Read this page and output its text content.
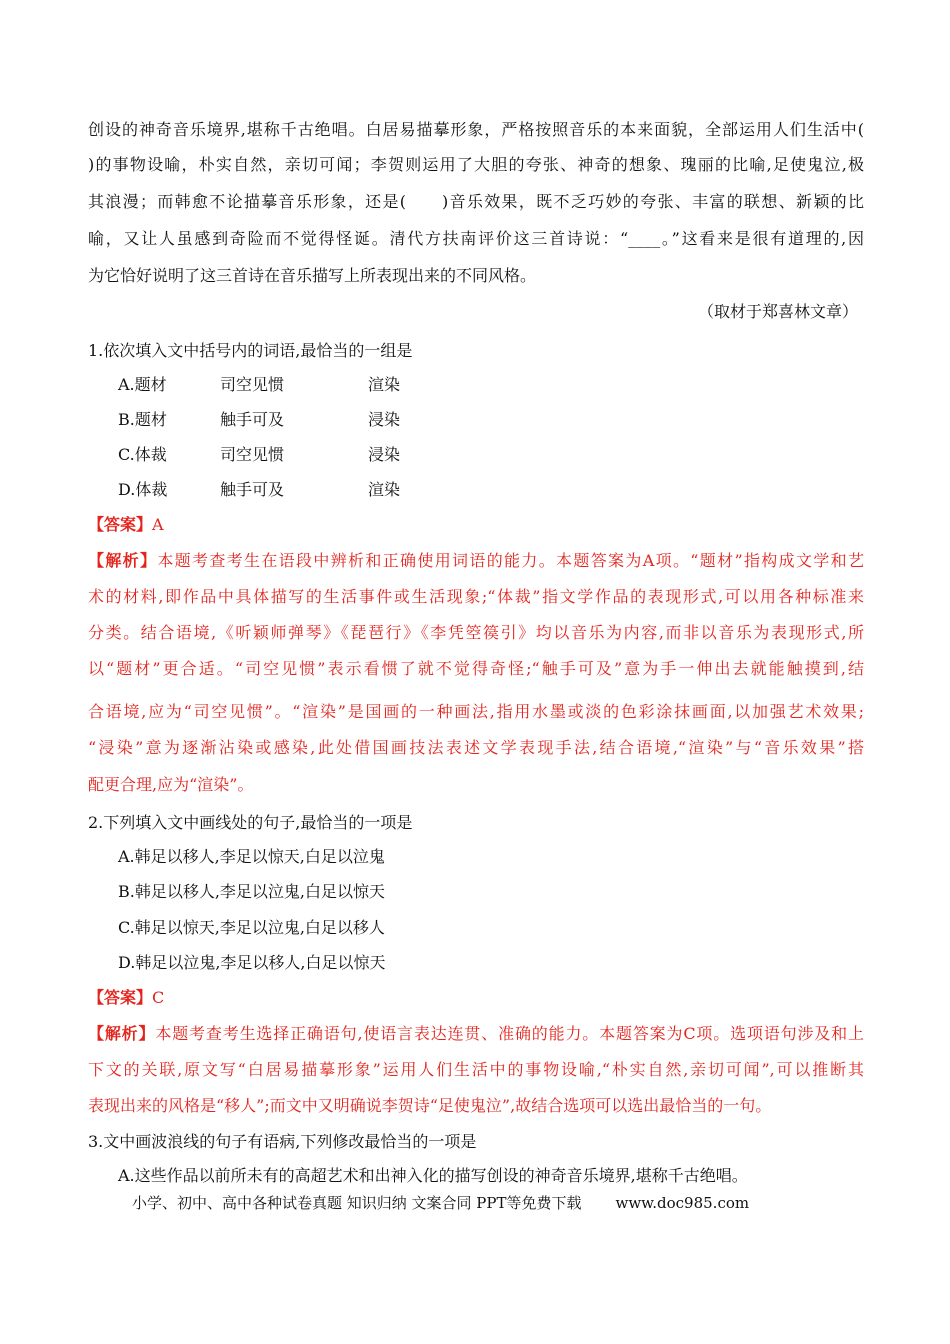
创设的神奇音乐境界,堪称千古绝唱。白居易描摹形象，严格按照音乐的本来面貌，全部运用人们生活中(
)的事物设喻，朴实自然，亲切可闻；李贺则运用了大胆的夸张、神奇的想象、瑰丽的比喻,足使鬼泣,极
其浪漫；而韩愈不论描摹音乐形象，还是(　　)音乐效果，既不乏巧妙的夸张、丰富的联想、新颖的比
喻，又让人虽感到奇险而不觉得怪诞。清代方扶南评价这三首诗说：“____。”这看来是很有道理的,因
为它恰好说明了这三首诗在音乐描写上所表现出来的不同风格。
（取材于郑喜林文章）
1.依次填入文中括号内的词语,最恰当的一组是
A.题材	司空见惯	渲染
B.题材	触手可及	浸染
C.体裁	司空见惯	浸染
D.体裁	触手可及	渲染
【答案】A
【解析】本题考查考生在语段中辨析和正确使用词语的能力。本题答案为A项。“题材”指构成文学和艺
术的材料,即作品中具体描写的生活事件或生活现象;“体裁”指文学作品的表现形式,可以用各种标准来
分类。结合语境,《听颖师弹琴》《琵琶行》《李凭箜篌引》均以音乐为内容,而非以音乐为表现形式,所
以“题材”更合适。“司空见惯”表示看惯了就不觉得奇怪;“触手可及”意为手一伸出去就能触摸到,结
合语境,应为“司空见惯”。“渲染”是国画的一种画法,指用水墨或淡的色彩涂抹画面,以加强艺术效果;
“浸染”意为逐渐沾染或感染,此处借国画技法表述文学表现手法,结合语境,“渲染”与“音乐效果”搭
配更合理,应为“渲染”。
2.下列填入文中画线处的句子,最恰当的一项是
A.韩足以移人,李足以惊天,白足以泣鬼
B.韩足以移人,李足以泣鬼,白足以惊天
C.韩足以惊天,李足以泣鬼,白足以移人
D.韩足以泣鬼,李足以移人,白足以惊天
【答案】C
【解析】本题考查考生选择正确语句,使语言表达连贯、准确的能力。本题答案为C项。选项语句涉及和上
下文的关联,原文写“白居易描摹形象”运用人们生活中的事物设喻,“朴实自然,亲切可闻”,可以推断其
表现出来的风格是“移人”;而文中又明确说李贺诗“足使鬼泣”,故结合选项可以选出最恰当的一句。
3.文中画波浪线的句子有语病,下列修改最恰当的一项是
A.这些作品以前所未有的高超艺术和出神入化的描写创设的神奇音乐境界,堪称千古绝唱。
小学、初中、高中各种试卷真题 知识归纳 文案合同 PPT等免费下载 www.doc985.com
